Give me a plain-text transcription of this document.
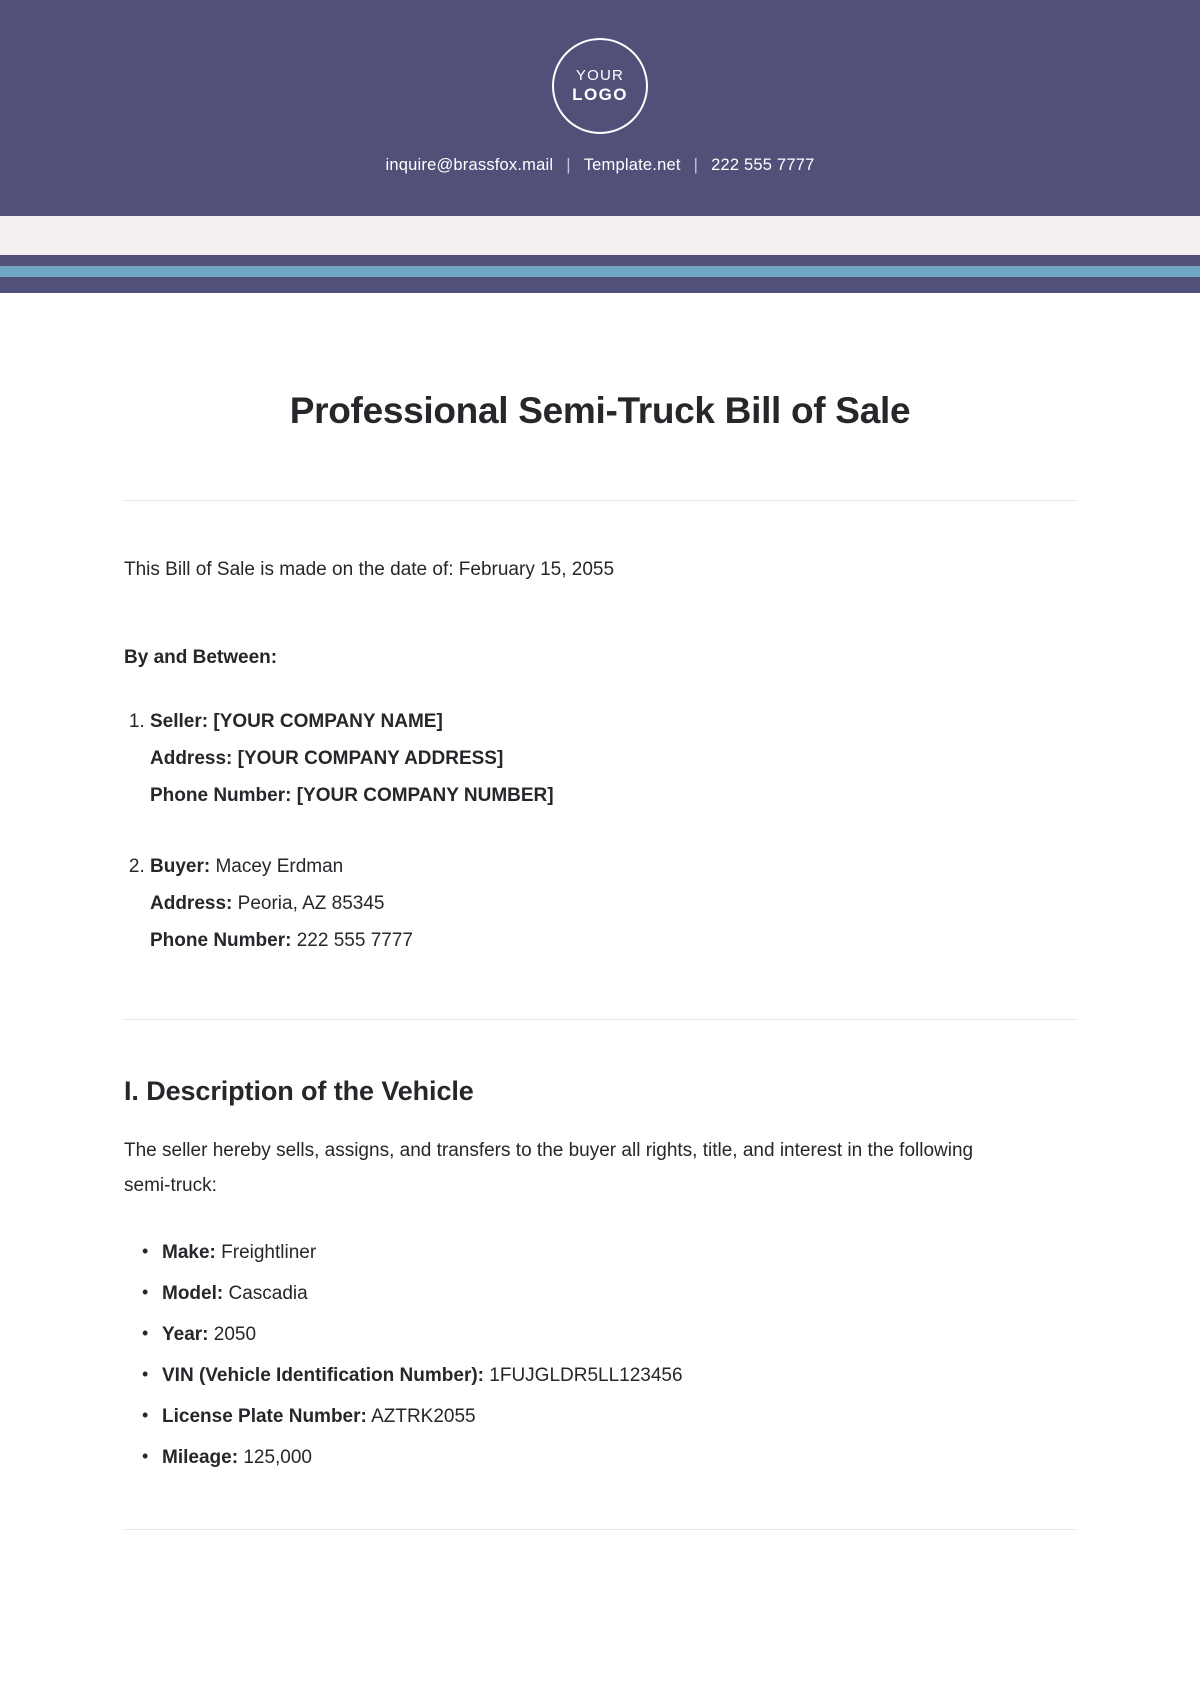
YOUR
LOGO
inquire@brassfox.mail | Template.net | 222 555 7777
Professional Semi-Truck Bill of Sale

This Bill of Sale is made on the date of: February 15, 2055

By and Between:

1. Seller: [YOUR COMPANY NAME]
Address: [YOUR COMPANY ADDRESS]
Phone Number: [YOUR COMPANY NUMBER]
2. Buyer: Macey Erdman
Address: Peoria, AZ 85345
Phone Number: 222 555 7777
I. Description of the Vehicle

The seller hereby sells, assigns, and transfers to the buyer all rights, title, and interest in the following semi-truck:

• Make: Freightliner
• Model: Cascadia
• Year: 2050
• VIN (Vehicle Identification Number): 1FUJGLDR5LL123456
• License Plate Number: AZTRK2055
• Mileage: 125,000
